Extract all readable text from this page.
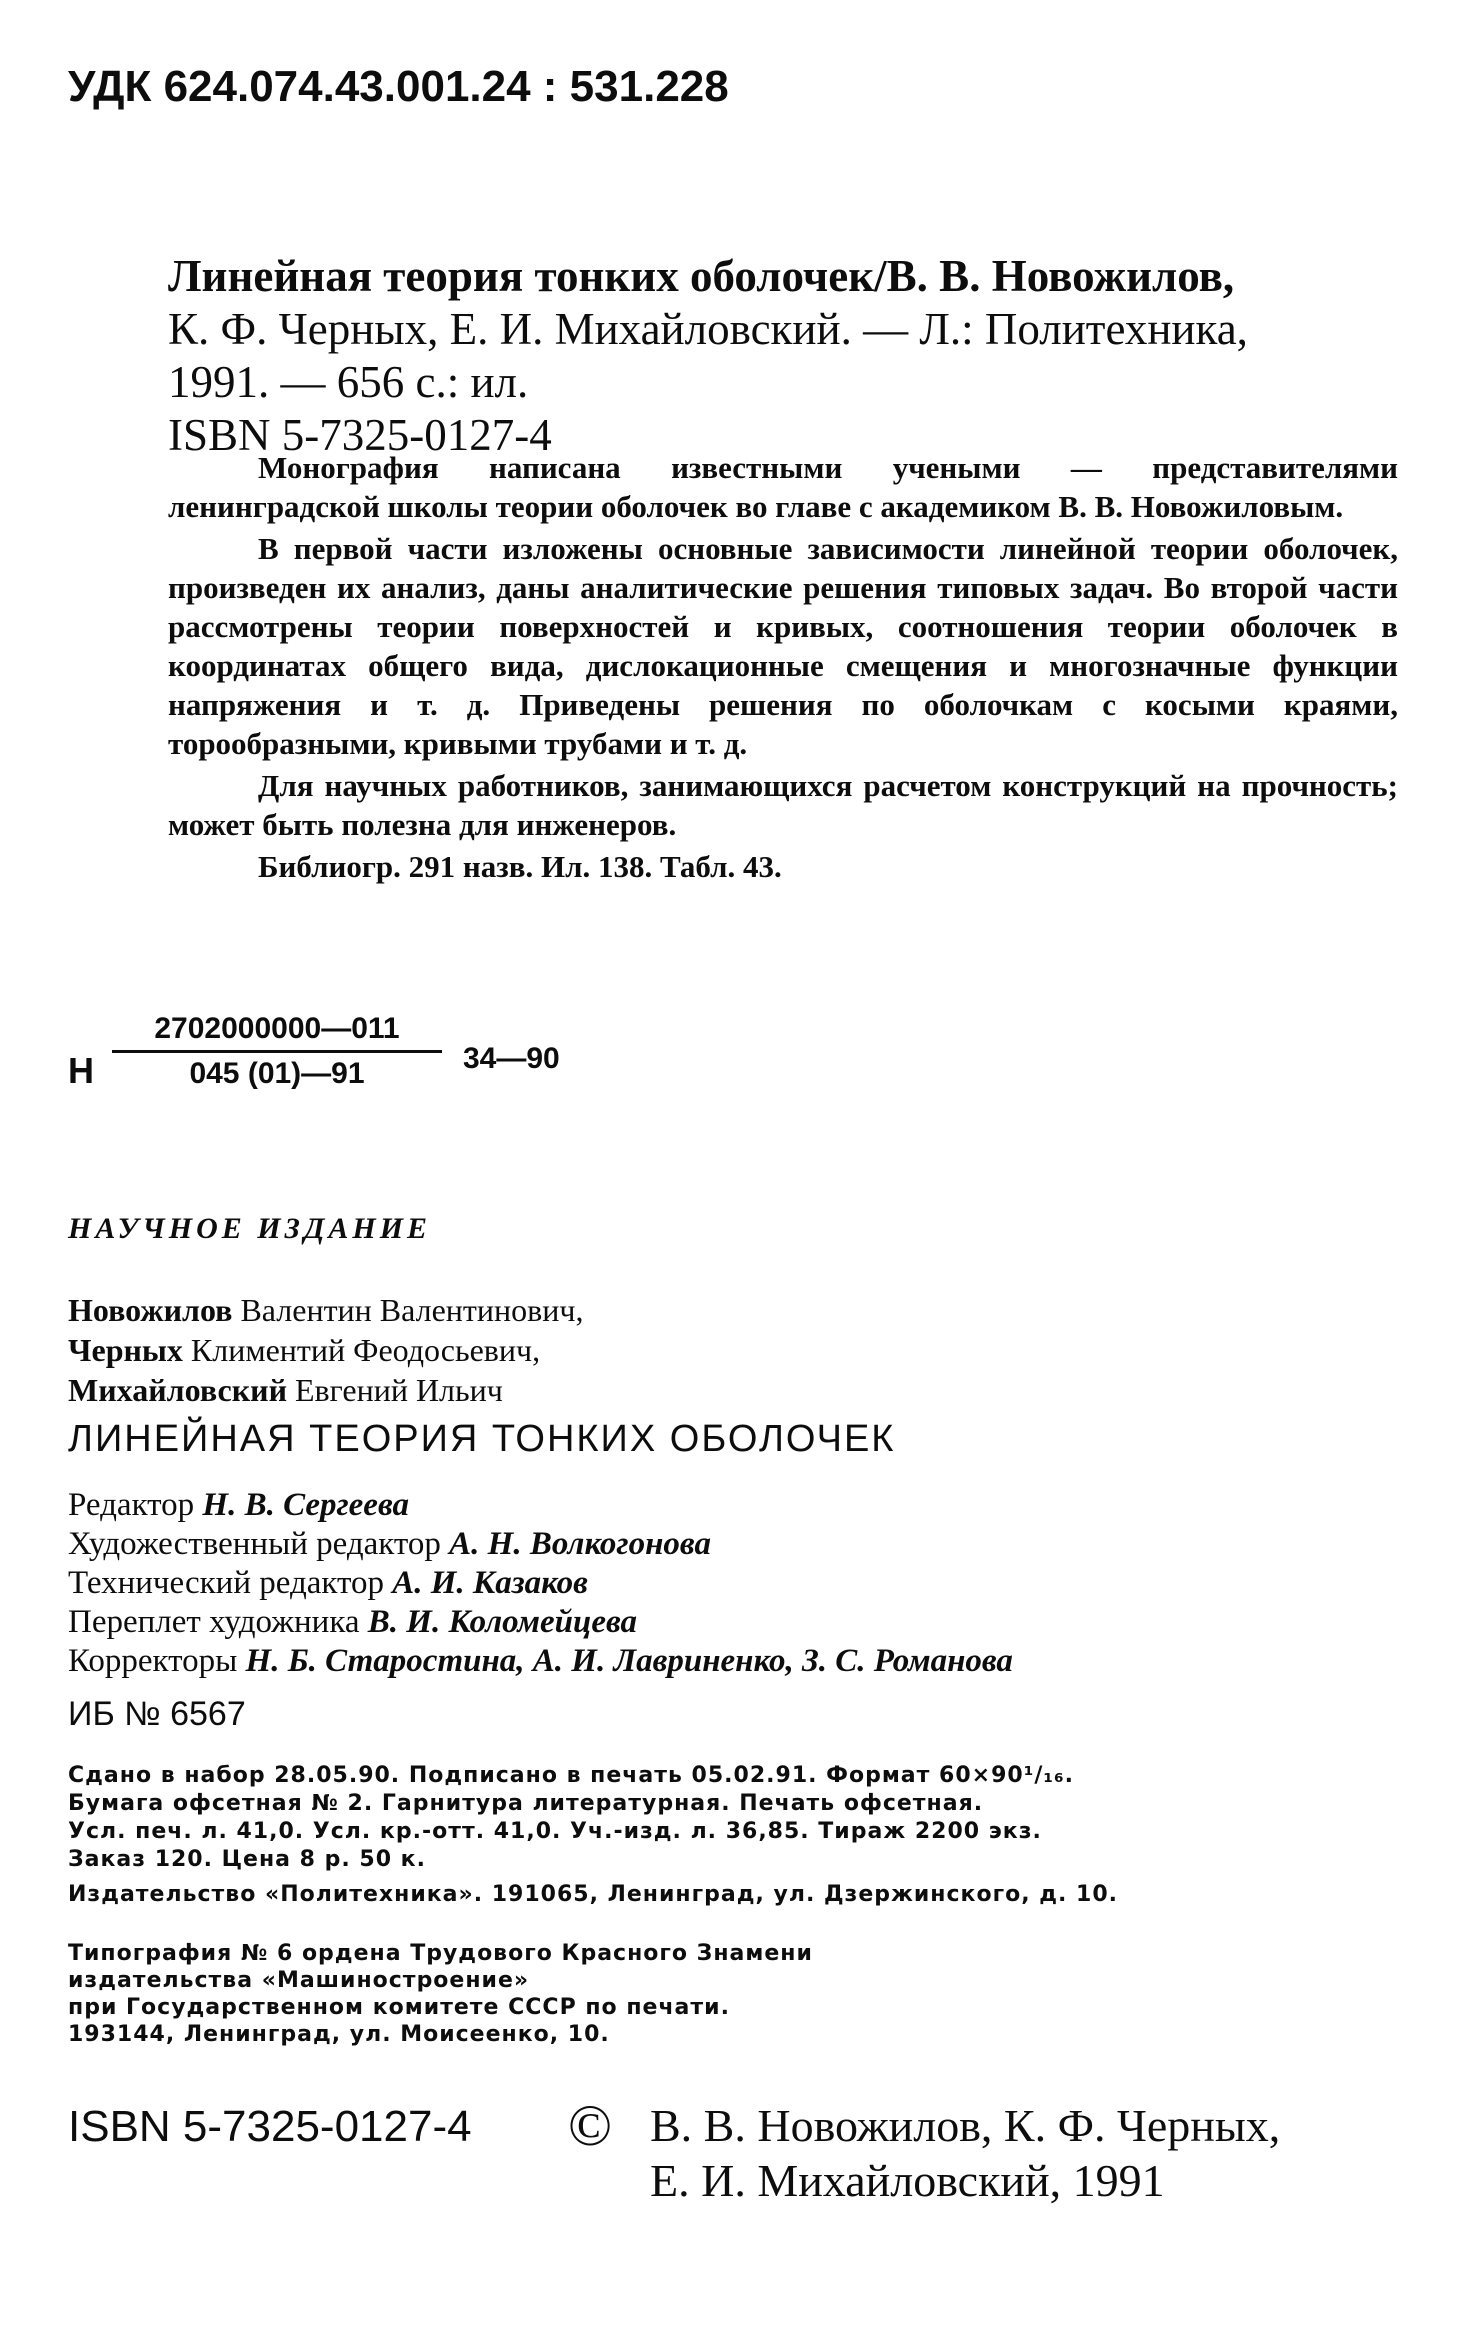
УДК 624.074.43.001.24 : 531.228
Линейная теория тонких оболочек/В. В. Новожилов,
К. Ф. Черных, Е. И. Михайловский. — Л.: Политехника,
1991. — 656 с.: ил.
ISBN 5-7325-0127-4

Монография написана известными учеными — представителями ленинградской школы теории оболочек во главе с академиком В. В. Новожиловым.

В первой части изложены основные зависимости линейной теории оболочек, произведен их анализ, даны аналитические решения типовых задач. Во второй части рассмотрены теории поверхностей и кривых, соотношения теории оболочек в координатах общего вида, дислокационные смещения и многозначные функции напряжения и т. д. Приведены решения по оболочкам с косыми краями, торообразными, кривыми трубами и т. д.

Для научных работников, занимающихся расчетом конструкций на прочность; может быть полезна для инженеров.

Библиогр. 291 назв. Ил. 138. Табл. 43.

Н $\frac{2702000000—011}{045 (01)—91}$ 34—90
НАУЧНОЕ ИЗДАНИЕ
Новожилов Валентин Валентинович,
Черных Климентий Феодосьевич,
Михайловский Евгений Ильич
ЛИНЕЙНАЯ ТЕОРИЯ ТОНКИХ ОБОЛОЧЕК
Редактор Н. В. Сергеева
Художественный редактор А. Н. Волкогонова
Технический редактор А. И. Казаков
Переплет художника В. И. Коломейцева
Корректоры Н. Б. Старостина, А. И. Лавриненко, З. С. Романова
ИБ № 6567
Сдано в набор 28.05.90. Подписано в печать 05.02.91. Формат 60×90¹/₁₆.
Бумага офсетная № 2. Гарнитура литературная. Печать офсетная.
Усл. печ. л. 41,0. Усл. кр.-отт. 41,0. Уч.-изд. л. 36,85. Тираж 2200 экз.
Заказ 120. Цена 8 р. 50 к.
Издательство «Политехника». 191065, Ленинград, ул. Дзержинского, д. 10.
Типография № 6 ордена Трудового Красного Знамени
издательства «Машиностроение»
при Государственном комитете СССР по печати.
193144, Ленинград, ул. Моисеенко, 10.
ISBN 5-7325-0127-4 © В. В. Новожилов, К. Ф. Черных,
Е. И. Михайловский, 1991
